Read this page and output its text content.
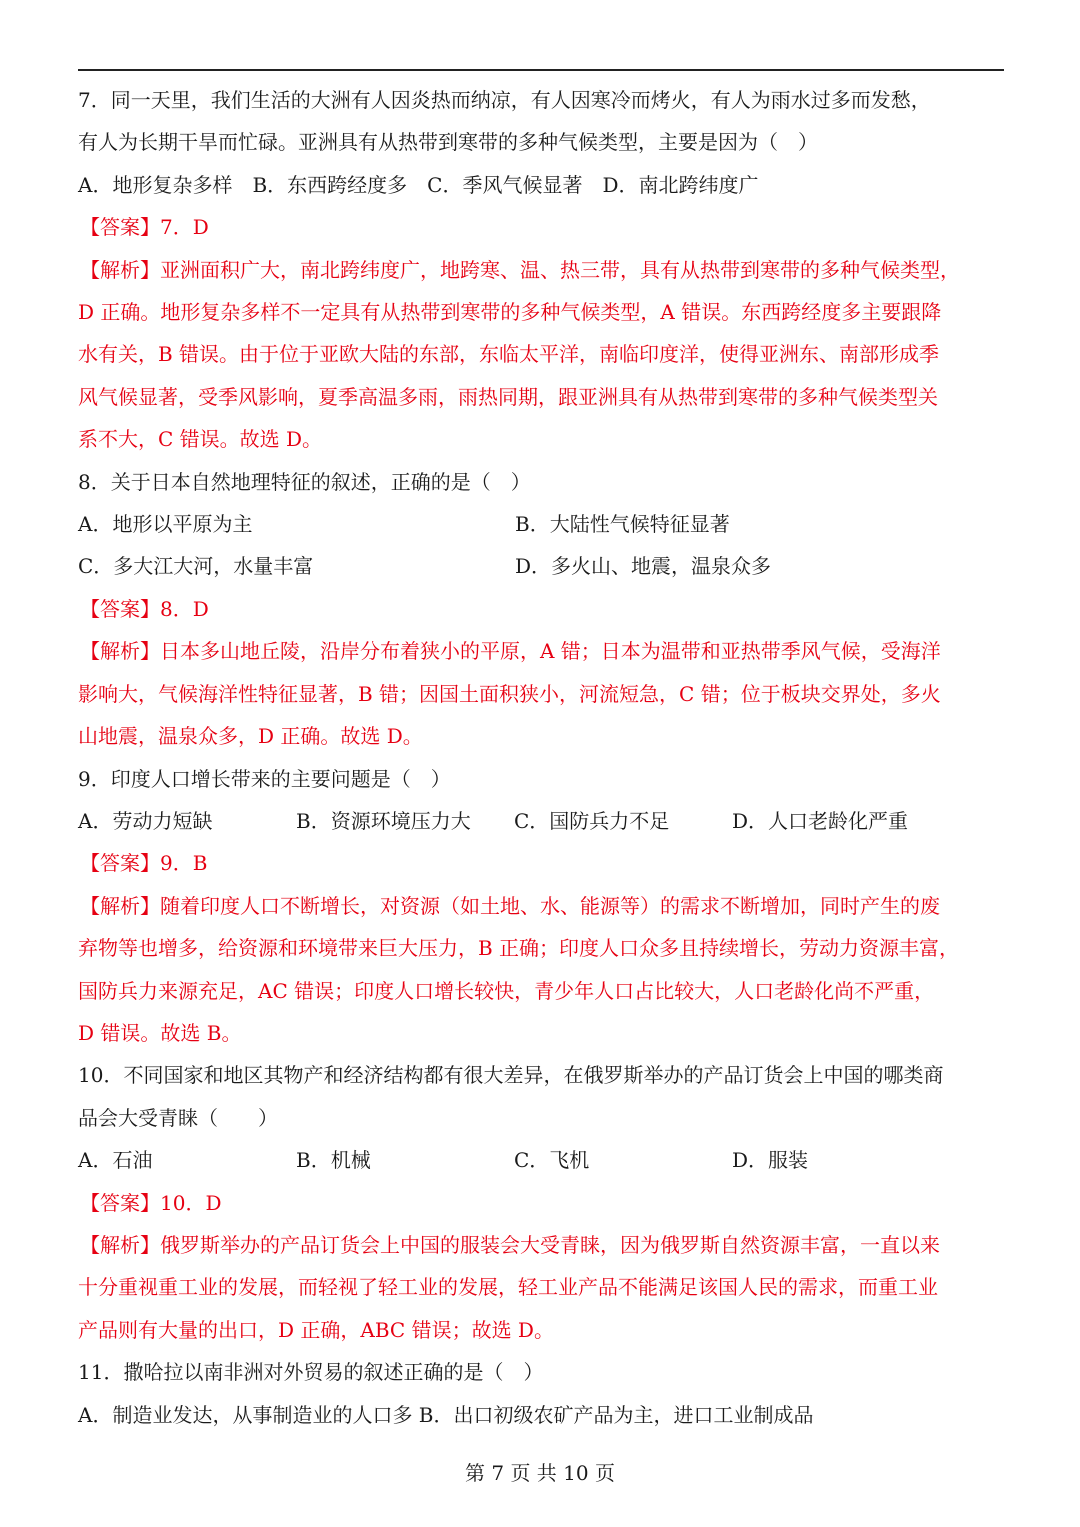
7．同一天里，我们生活的大洲有人因炎热而纳凉，有人因寒冷而烤火，有人为雨水过多而发愁，
有人为长期干旱而忙碌。亚洲具有从热带到寒带的多种气候类型，主要是因为（　）
A．地形复杂多样　B．东西跨经度多　C．季风气候显著　D．南北跨纬度广
【答案】7．D
【解析】亚洲面积广大，南北跨纬度广，地跨寒、温、热三带，具有从热带到寒带的多种气候类型，
D 正确。地形复杂多样不一定具有从热带到寒带的多种气候类型，A 错误。东西跨经度多主要跟降
水有关，B 错误。由于位于亚欧大陆的东部，东临太平洋，南临印度洋，使得亚洲东、南部形成季
风气候显著，受季风影响，夏季高温多雨，雨热同期，跟亚洲具有从热带到寒带的多种气候类型关
系不大，C 错误。故选 D。
8．关于日本自然地理特征的叙述，正确的是（　）
A．地形以平原为主	B．大陆性气候特征显著
C．多大江大河，水量丰富	D．多火山、地震，温泉众多
【答案】8．D
【解析】日本多山地丘陵，沿岸分布着狭小的平原，A 错；日本为温带和亚热带季风气候，受海洋
影响大，气候海洋性特征显著，B 错；因国土面积狭小，河流短急，C 错；位于板块交界处，多火
山地震，温泉众多，D 正确。故选 D。
9．印度人口增长带来的主要问题是（　）
A．劳动力短缺	B．资源环境压力大	C．国防兵力不足	D．人口老龄化严重
【答案】9．B
【解析】随着印度人口不断增长，对资源（如土地、水、能源等）的需求不断增加，同时产生的废
弃物等也增多，给资源和环境带来巨大压力，B 正确；印度人口众多且持续增长，劳动力资源丰富，
国防兵力来源充足，AC 错误；印度人口增长较快，青少年人口占比较大，人口老龄化尚不严重，
D 错误。故选 B。
10．不同国家和地区其物产和经济结构都有很大差异，在俄罗斯举办的产品订货会上中国的哪类商
品会大受青睐（　　）
A．石油	B．机械	C．飞机	D．服装
【答案】10．D
【解析】俄罗斯举办的产品订货会上中国的服装会大受青睐，因为俄罗斯自然资源丰富，一直以来
十分重视重工业的发展，而轻视了轻工业的发展，轻工业产品不能满足该国人民的需求，而重工业
产品则有大量的出口，D 正确，ABC 错误；故选 D。
11．撒哈拉以南非洲对外贸易的叙述正确的是（　）
A．制造业发达，从事制造业的人口多 B．出口初级农矿产品为主，进口工业制成品
第 7 页 共 10 页
